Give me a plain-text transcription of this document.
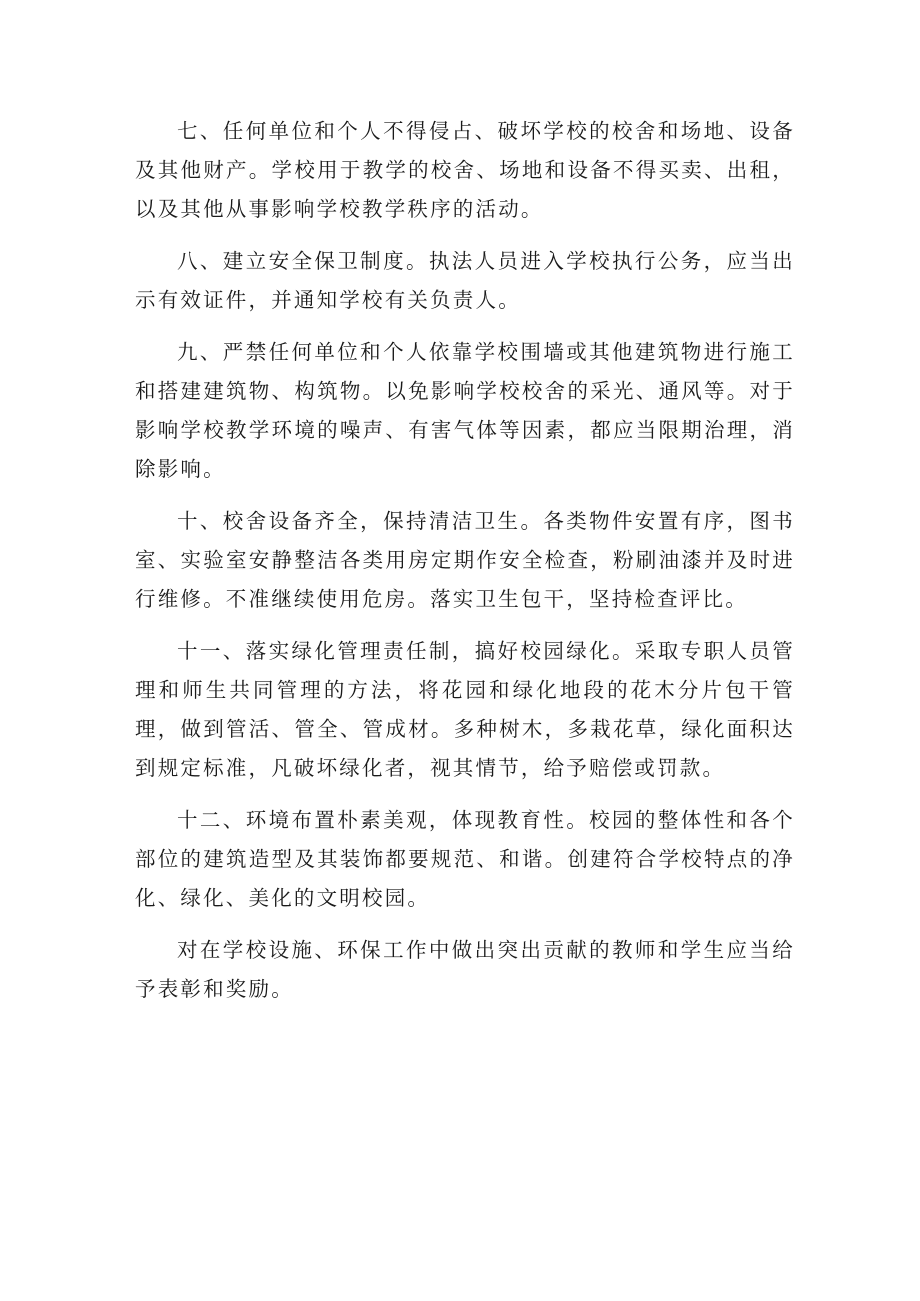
七、任何单位和个人不得侵占、破坏学校的校舍和场地、设备及其他财产。学校用于教学的校舍、场地和设备不得买卖、出租，以及其他从事影响学校教学秩序的活动。

八、建立安全保卫制度。执法人员进入学校执行公务，应当出示有效证件，并通知学校有关负责人。

九、严禁任何单位和个人依靠学校围墙或其他建筑物进行施工和搭建建筑物、构筑物。以免影响学校校舍的采光、通风等。对于影响学校教学环境的噪声、有害气体等因素，都应当限期治理，消除影响。

十、校舍设备齐全，保持清洁卫生。各类物件安置有序，图书室、实验室安静整洁各类用房定期作安全检查，粉刷油漆并及时进行维修。不准继续使用危房。落实卫生包干，坚持检查评比。

十一、落实绿化管理责任制，搞好校园绿化。采取专职人员管理和师生共同管理的方法，将花园和绿化地段的花木分片包干管理，做到管活、管全、管成材。多种树木，多栽花草，绿化面积达到规定标准，凡破坏绿化者，视其情节，给予赔偿或罚款。

十二、环境布置朴素美观，体现教育性。校园的整体性和各个部位的建筑造型及其装饰都要规范、和谐。创建符合学校特点的净化、绿化、美化的文明校园。

对在学校设施、环保工作中做出突出贡献的教师和学生应当给予表彰和奖励。
